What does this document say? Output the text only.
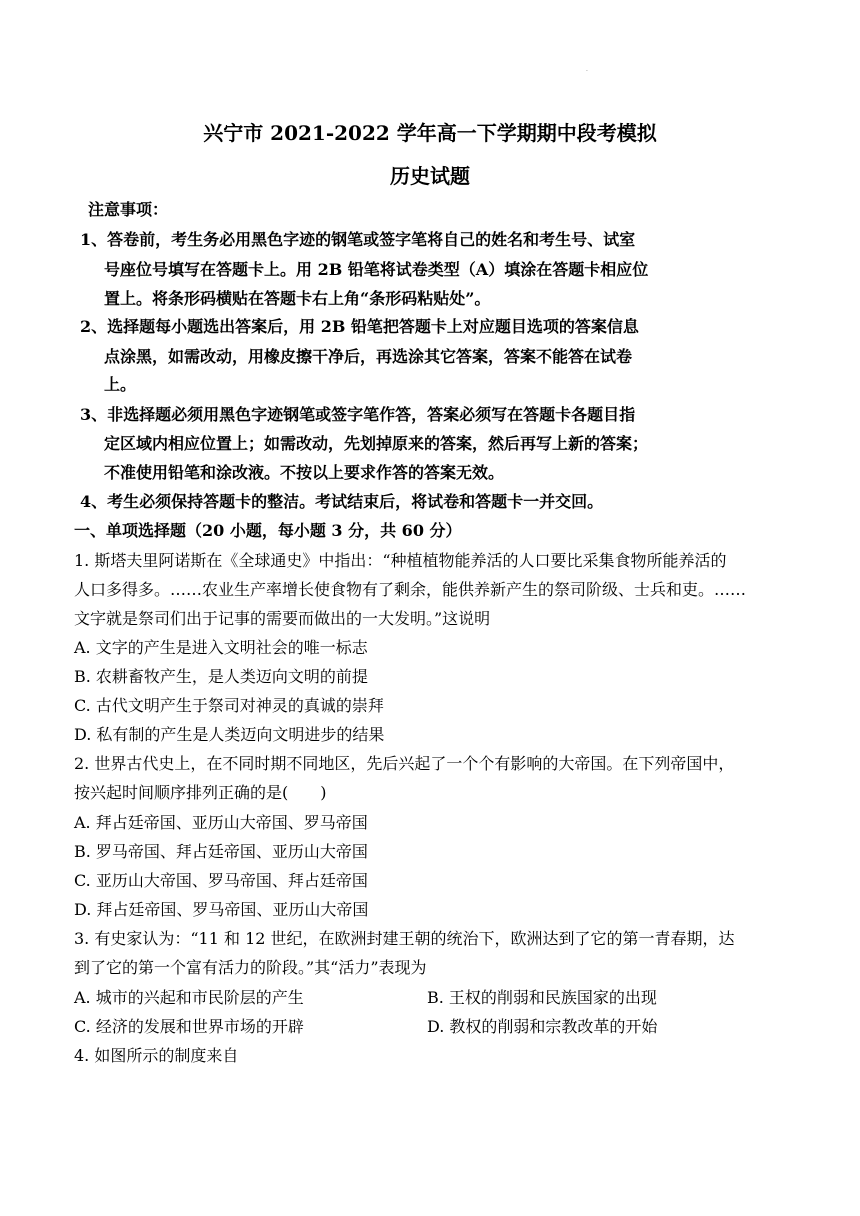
·
兴宁市 2021-2022 学年高一下学期期中段考模拟
历史试题
注意事项：
1、答卷前，考生务必用黑色字迹的钢笔或签字笔将自己的姓名和考生号、试室
号座位号填写在答题卡上。用 2B 铅笔将试卷类型（A）填涂在答题卡相应位
置上。将条形码横贴在答题卡右上角“条形码粘贴处”。
2、选择题每小题选出答案后，用 2B 铅笔把答题卡上对应题目选项的答案信息
点涂黑，如需改动，用橡皮擦干净后，再选涂其它答案，答案不能答在试卷
上。
3、非选择题必须用黑色字迹钢笔或签字笔作答，答案必须写在答题卡各题目指
定区域内相应位置上；如需改动，先划掉原来的答案，然后再写上新的答案；
不准使用铅笔和涂改液。不按以上要求作答的答案无效。
4、考生必须保持答题卡的整洁。考试结束后，将试卷和答题卡一并交回。
一、单项选择题（20 小题，每小题 3 分，共 60 分）
1. 斯塔夫里阿诺斯在《全球通史》中指出：“种植植物能养活的人口要比采集食物所能养活的
人口多得多。……农业生产率增长使食物有了剩余，能供养新产生的祭司阶级、士兵和吏。……
文字就是祭司们出于记事的需要而做出的一大发明。”这说明
A. 文字的产生是进入文明社会的唯一标志
B. 农耕畜牧产生，是人类迈向文明的前提
C. 古代文明产生于祭司对神灵的真诚的崇拜
D. 私有制的产生是人类迈向文明进步的结果
2. 世界古代史上，在不同时期不同地区，先后兴起了一个个有影响的大帝国。在下列帝国中，
按兴起时间顺序排列正确的是(　　)
A. 拜占廷帝国、亚历山大帝国、罗马帝国
B. 罗马帝国、拜占廷帝国、亚历山大帝国
C. 亚历山大帝国、罗马帝国、拜占廷帝国
D. 拜占廷帝国、罗马帝国、亚历山大帝国
3. 有史家认为：“11 和 12 世纪，在欧洲封建王朝的统治下，欧洲达到了它的第一青春期，达
到了它的第一个富有活力的阶段。”其“活力”表现为
A. 城市的兴起和市民阶层的产生	B. 王权的削弱和民族国家的出现
C. 经济的发展和世界市场的开辟	D. 教权的削弱和宗教改革的开始
4. 如图所示的制度来自
